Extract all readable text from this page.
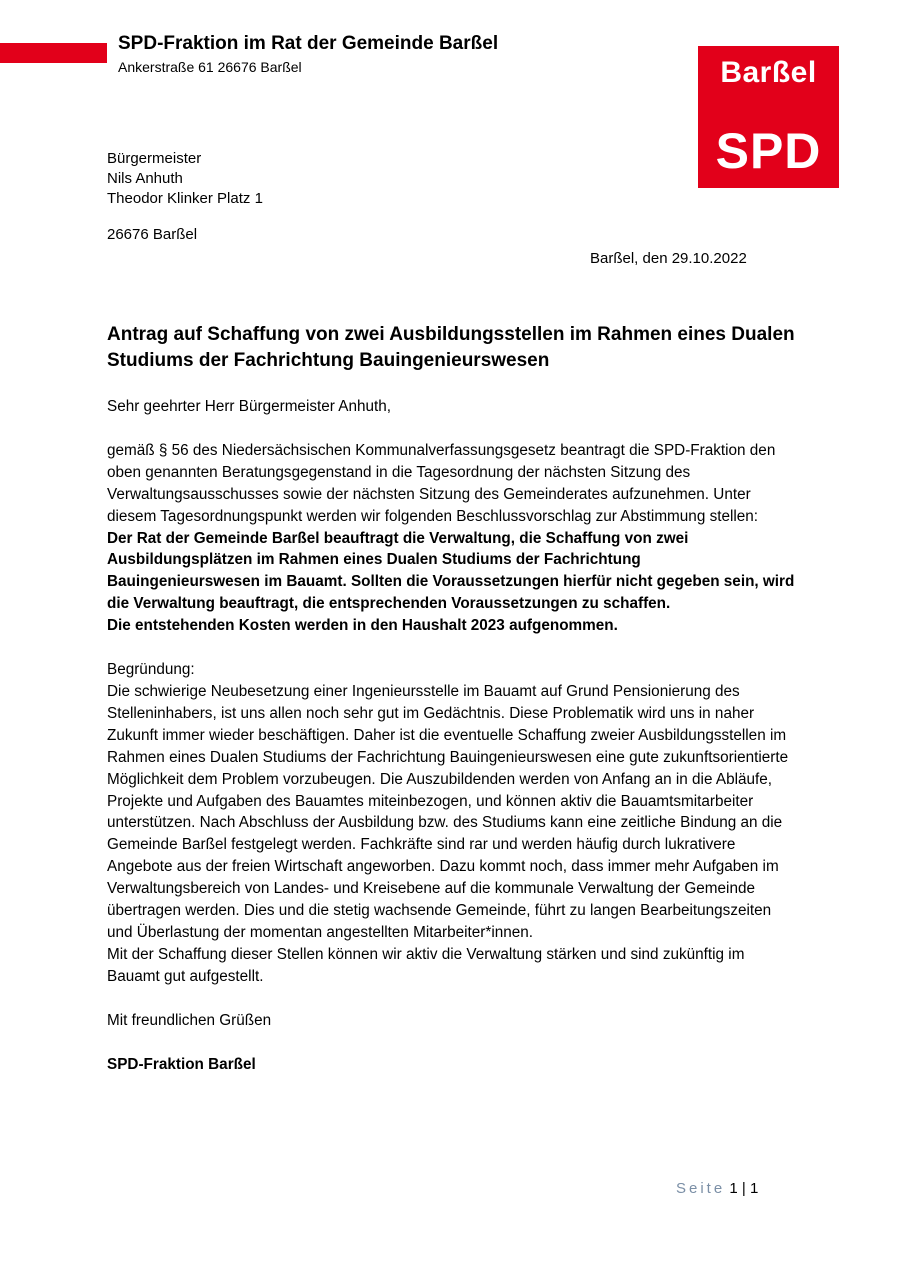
SPD-Fraktion im Rat der Gemeinde Barßel
Ankerstraße 61 26676 Barßel	Barßel
SPD
Bürgermeister
Nils Anhuth
Theodor Klinker Platz 1
26676 Barßel
Barßel, den 29.10.2022
Antrag auf Schaffung von zwei Ausbildungsstellen im Rahmen eines Dualen Studiums der Fachrichtung Bauingenieurswesen

Sehr geehrter Herr Bürgermeister Anhuth,

gemäß § 56 des Niedersächsischen Kommunalverfassungsgesetz beantragt die SPD-Fraktion den oben genannten Beratungsgegenstand in die Tagesordnung der nächsten Sitzung des Verwaltungsausschusses sowie der nächsten Sitzung des Gemeinderates aufzunehmen. Unter diesem Tagesordnungspunkt werden wir folgenden Beschlussvorschlag zur Abstimmung stellen:

Der Rat der Gemeinde Barßel beauftragt die Verwaltung, die Schaffung von zwei Ausbildungsplätzen im Rahmen eines Dualen Studiums der Fachrichtung Bauingenieurswesen im Bauamt. Sollten die Voraussetzungen hierfür nicht gegeben sein, wird die Verwaltung beauftragt, die entsprechenden Voraussetzungen zu schaffen.

Die entstehenden Kosten werden in den Haushalt 2023 aufgenommen.

Begründung:

Die schwierige Neubesetzung einer Ingenieursstelle im Bauamt auf Grund Pensionierung des Stelleninhabers, ist uns allen noch sehr gut im Gedächtnis. Diese Problematik wird uns in naher Zukunft immer wieder beschäftigen. Daher ist die eventuelle Schaffung zweier Ausbildungsstellen im Rahmen eines Dualen Studiums der Fachrichtung Bauingenieurswesen eine gute zukunftsorientierte Möglichkeit dem Problem vorzubeugen. Die Auszubildenden werden von Anfang an in die Abläufe, Projekte und Aufgaben des Bauamtes miteinbezogen, und können aktiv die Bauamtsmitarbeiter unterstützen. Nach Abschluss der Ausbildung bzw. des Studiums kann eine zeitliche Bindung an die Gemeinde Barßel festgelegt werden. Fachkräfte sind rar und werden häufig durch lukrativere Angebote aus der freien Wirtschaft angeworben. Dazu kommt noch, dass immer mehr Aufgaben im Verwaltungsbereich von Landes- und Kreisebene auf die kommunale Verwaltung der Gemeinde übertragen werden. Dies und die stetig wachsende Gemeinde, führt zu langen Bearbeitungszeiten und Überlastung der momentan angestellten Mitarbeiter*innen.

Mit der Schaffung dieser Stellen können wir aktiv die Verwaltung stärken und sind zukünftig im Bauamt gut aufgestellt.

Mit freundlichen Grüßen

SPD-Fraktion Barßel

Seite 1 | 1
